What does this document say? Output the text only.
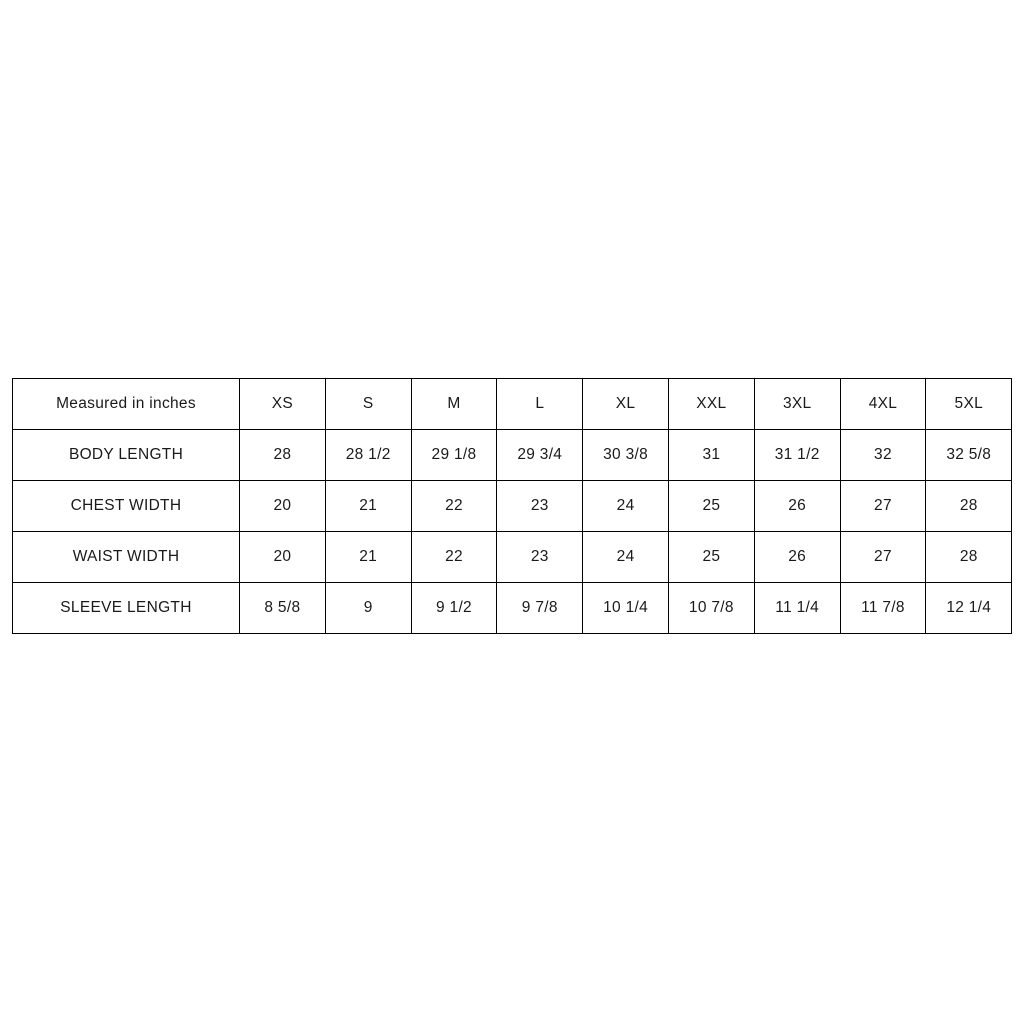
Measured in inches	XS	S	M	L	XL	XXL	3XL	4XL	5XL
BODY LENGTH	28	28 1/2	29 1/8	29 3/4	30 3/8	31	31 1/2	32	32 5/8
CHEST WIDTH	20	21	22	23	24	25	26	27	28
WAIST WIDTH	20	21	22	23	24	25	26	27	28
SLEEVE LENGTH	8 5/8	9	9 1/2	9 7/8	10 1/4	10 7/8	11 1/4	11 7/8	12 1/4
